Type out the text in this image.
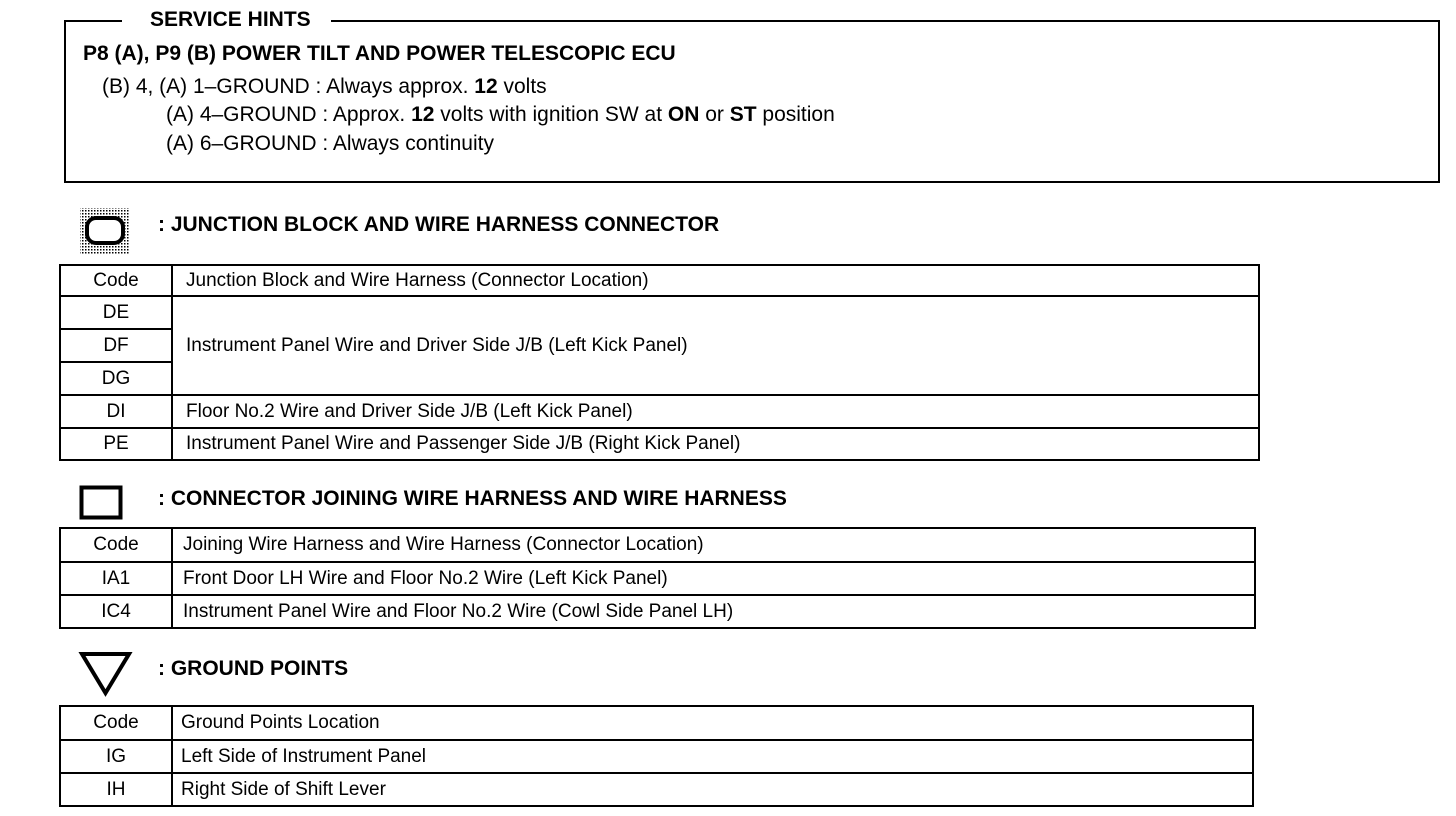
SERVICE HINTS
P8 (A), P9 (B) POWER TILT AND POWER TELESCOPIC ECU
(B) 4, (A) 1–GROUND : Always approx. 12 volts
(A) 4–GROUND : Approx. 12 volts with ignition SW at ON or ST position
(A) 6–GROUND : Always continuity
: JUNCTION BLOCK AND WIRE HARNESS CONNECTOR
Code	Junction Block and Wire Harness (Connector Location)
DE	Instrument Panel Wire and Driver Side J/B (Left Kick Panel)
DF	
DG	
DI	Floor No.2 Wire and Driver Side J/B (Left Kick Panel)
PE	Instrument Panel Wire and Passenger Side J/B (Right Kick Panel)
: CONNECTOR JOINING WIRE HARNESS AND WIRE HARNESS
Code	Joining Wire Harness and Wire Harness (Connector Location)
IA1	Front Door LH Wire and Floor No.2 Wire (Left Kick Panel)
IC4	Instrument Panel Wire and Floor No.2 Wire (Cowl Side Panel LH)
: GROUND POINTS
Code	Ground Points Location
IG	Left Side of Instrument Panel
IH	Right Side of Shift Lever
